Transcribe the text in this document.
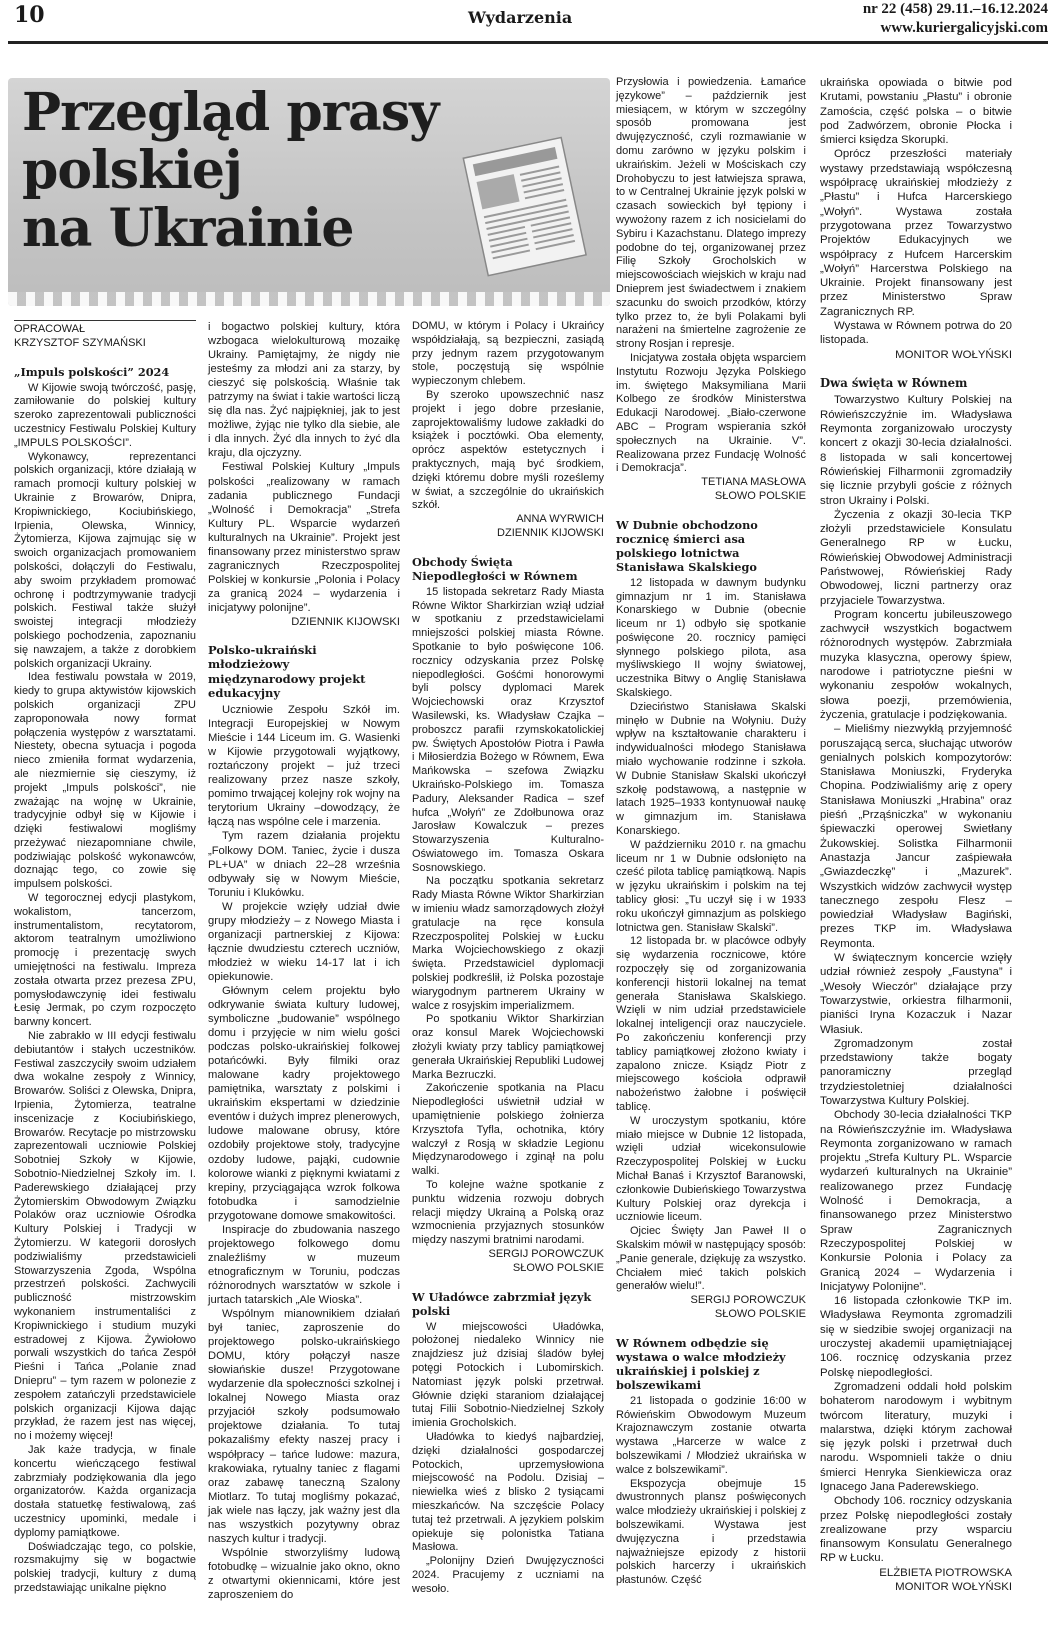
10	Wydarzenia	nr 22 (458) 29.11.–16.12.2024
www.kuriergalicyjski.com
Przegląd prasy
polskiej
na Ukrainie
OPRACOWAŁ
KRZYSZTOF SZYMAŃSKI
„Impuls polskości” 2024

W Kijowie swoją twórczość, pasję, zamiłowanie do polskiej kultury szeroko zaprezentowali publiczności uczestnicy Festiwalu Polskiej Kultury „IMPULS POLSKOŚCI”.

Wykonawcy, reprezentanci polskich organizacji, które działają w ramach promocji kultury polskiej w Ukrainie z Browarów, Dnipra, Kropiwnickiego, Kociubińskiego, Irpienia, Olewska, Winnicy, Żytomierza, Kijowa zajmując się w swoich organizacjach promowaniem polskości, dołączyli do Festiwalu, aby swoim przykładem promować ochronę i podtrzymywanie tradycji polskich. Festiwal także służył swoistej integracji młodzieży polskiego pochodzenia, zapoznaniu się nawzajem, a także z dorobkiem polskich organizacji Ukrainy.

Idea festiwalu powstała w 2019, kiedy to grupa aktywistów kijowskich polskich organizacji ZPU zaproponowała nowy format połączenia występów z warsztatami. Niestety, obecna sytuacja i pogoda nieco zmieniła format wydarzenia, ale niezmiernie się cieszymy, iż projekt „Impuls polskości”, nie zważając na wojnę w Ukrainie, tradycyjnie odbył się w Kijowie i dzięki festiwalowi mogliśmy przeżywać niezapomniane chwile, podziwiając polskość wykonawców, doznając tego, co zowie się impulsem polskości.

W tegorocznej edycji plastykom, wokalistom, tancerzom, instrumentalistom, recytatorom, aktorom teatralnym umożliwiono promocję i prezentację swych umiejętności na festiwalu. Impreza została otwarta przez prezesa ZPU, pomysłodawczynię idei festiwalu Łesię Jermak, po czym rozpoczęto barwny koncert.

Nie zabrakło w III edycji festiwalu debiutantów i stałych uczestników. Festiwal zaszczyciły swoim udziałem dwa wokalne zespoły z Winnicy, Browarów. Soliści z Olewska, Dnipra, Irpienia, Żytomierza, teatralne inscenizacje z Kociubińskiego, Browarów. Recytacje po mistrzowsku zaprezentowali uczniowie Polskiej Sobotniej Szkoły w Kijowie, Sobotnio-Niedzielnej Szkoły im. I. Paderewskiego działającej przy Żytomierskim Obwodowym Związku Polaków oraz uczniowie Ośrodka Kultury Polskiej i Tradycji w Żytomierzu. W kategorii dorosłych podziwialiśmy przedstawicieli Stowarzyszenia Zgoda, Wspólna przestrzeń polskości. Zachwycili publiczność mistrzowskim wykonaniem instrumentaliści z Kropiwnickiego i studium muzyki estradowej z Kijowa. Żywiołowo porwali wszystkich do tańca Zespół Pieśni i Tańca „Polanie znad Dniepru” – tym razem w polonezie z zespołem zatańczyli przedstawiciele polskich organizacji Kijowa dając przykład, że razem jest nas więcej, no i możemy więcej!

Jak każe tradycja, w finale koncertu wieńczącego festiwal zabrzmiały podziękowania dla jego organizatorów. Każda organizacja dostała statuetkę festiwalową, zaś uczestnicy upominki, medale i dyplomy pamiątkowe.

Doświadczając tego, co polskie, rozsmakujmy się w bogactwie polskiej tradycji, kultury z dumą przedstawiając unikalne piękno

i bogactwo polskiej kultury, która wzbogaca wielokulturową mozaikę Ukrainy. Pamiętajmy, że nigdy nie jesteśmy za młodzi ani za starzy, by cieszyć się polskością. Właśnie tak patrzymy na świat i takie wartości liczą się dla nas. Żyć najpiękniej, jak to jest możliwe, żyjąc nie tylko dla siebie, ale i dla innych. Żyć dla innych to żyć dla kraju, dla ojczyzny.

Festiwal Polskiej Kultury „Impuls polskości „realizowany w ramach zadania publicznego Fundacji „Wolność i Demokracja” „Strefa Kultury PL. Wsparcie wydarzeń kulturalnych na Ukrainie”. Projekt jest finansowany przez ministerstwo spraw zagranicznych Rzeczpospolitej Polskiej w konkursie „Polonia i Polacy za granicą 2024 – wydarzenia i inicjatywy polonijne”.

DZIENNIK KIJOWSKI
Polsko-ukraiński młodzieżowy międzynarodowy projekt edukacyjny

Uczniowie Zespołu Szkół im. Integracji Europejskiej w Nowym Mieście i 144 Liceum im. G. Wasienki w Kijowie przygotowali wyjątkowy, roztańczony projekt – już trzeci realizowany przez nasze szkoły, pomimo trwającej kolejny rok wojny na terytorium Ukrainy –dowodzący, że łączą nas wspólne cele i marzenia.

Tym razem działania projektu „Folkowy DOM. Taniec, życie i dusza PL+UA” w dniach 22–28 września odbywały się w Nowym Mieście, Toruniu i Klukówku.

W projekcie wzięły udział dwie grupy młodzieży – z Nowego Miasta i organizacji partnerskiej z Kijowa: łącznie dwudziestu czterech uczniów, młodzież w wieku 14-17 lat i ich opiekunowie.

Głównym celem projektu było odkrywanie świata kultury ludowej, symboliczne „budowanie” wspólnego domu i przyjęcie w nim wielu gości podczas polsko-ukraińskiej folkowej potańcówki. Były filmiki oraz malowane kadry projektowego pamiętnika, warsztaty z polskimi i ukraińskim ekspertami w dziedzinie eventów i dużych imprez plenerowych, ludowe malowane obrusy, które ozdobiły projektowe stoły, tradycyjne ozdoby ludowe, pająki, cudownie kolorowe wianki z pięknymi kwiatami z krepiny, przyciągająca wzrok folkowa fotobudka i samodzielnie przygotowane domowe smakowitości.

Inspiracje do zbudowania naszego projektowego folkowego domu znaleźliśmy w muzeum etnograficznym w Toruniu, podczas różnorodnych warsztatów w szkole i jurtach tatarskich „Ale Wioska”.

Wspólnym mianownikiem działań był taniec, zaproszenie do projektowego polsko-ukraińskiego DOMU, który połączył nasze słowiańskie dusze! Przygotowane wydarzenie dla społeczności szkolnej i lokalnej Nowego Miasta oraz przyjaciół szkoły podsumowało projektowe działania. To tutaj pokazaliśmy efekty naszej pracy i współpracy – tańce ludowe: mazura, krakowiaka, rytualny taniec z flagami oraz zabawę taneczną Szalony Miotlarz. To tutaj mogliśmy pokazać, jak wiele nas łączy, jak ważny jest dla nas wszystkich pozytywny obraz naszych kultur i tradycji.

Wspólnie stworzyliśmy ludową fotobudkę – wizualnie jako okno, okno z otwartymi okiennicami, które jest zaproszeniem do

DOMU, w którym i Polacy i Ukraińcy współdziałają, są bezpieczni, zasiądą przy jednym razem przygotowanym stole, poczęstują się wspólnie wypieczonym chlebem.

By szeroko upowszechnić nasz projekt i jego dobre przesłanie, zaprojektowaliśmy ludowe zakładki do książek i pocztówki. Oba elementy, oprócz aspektów estetycznych i praktycznych, mają być środkiem, dzięki któremu dobre myśli roześlemy w świat, a szczególnie do ukraińskich szkół.

ANNA WYRWICH
DZIENNIK KIJOWSKI
Obchody Święta Niepodległości w Równem

15 listopada sekretarz Rady Miasta Równe Wiktor Sharkirzian wziął udział w spotkaniu z przedstawicielami mniejszości polskiej miasta Równe. Spotkanie to było poświęcone 106. rocznicy odzyskania przez Polskę niepodległości. Gośćmi honorowymi byli polscy dyplomaci Marek Wojciechowski oraz Krzysztof Wasilewski, ks. Władysław Czajka – proboszcz parafii rzymskokatolickiej pw. Świętych Apostołów Piotra i Pawła i Miłosierdzia Bożego w Równem, Ewa Mańkowska – szefowa Związku Ukraińsko-Polskiego im. Tomasza Padury, Aleksander Radica – szef hufca „Wołyń” ze Zdołbunowa oraz Jarosław Kowalczuk – prezes Stowarzyszenia Kulturalno-Oświatowego im. Tomasza Oskara Sosnowskiego.

Na początku spotkania sekretarz Rady Miasta Równe Wiktor Sharkirzian w imieniu władz samorządowych złożył gratulacje na ręce konsula Rzeczpospolitej Polskiej w Łucku Marka Wojciechowskiego z okazji święta. Przedstawiciel dyplomacji polskiej podkreślił, iż Polska pozostaje wiarygodnym partnerem Ukrainy w walce z rosyjskim imperializmem.

Po spotkaniu Wiktor Sharkirzian oraz konsul Marek Wojciechowski złożyli kwiaty przy tablicy pamiątkowej generała Ukraińskiej Republiki Ludowej Marka Bezruczki.

Zakończenie spotkania na Placu Niepodległości uświetnił udział w upamiętnienie polskiego żołnierza Krzysztofa Tyfla, ochotnika, który walczył z Rosją w składzie Legionu Międzynarodowego i zginął na polu walki.

To kolejne ważne spotkanie z punktu widzenia rozwoju dobrych relacji między Ukrainą a Polską oraz wzmocnienia przyjaznych stosunków między naszymi bratnimi narodami.

SERGIJ POROWCZUK
SŁOWO POLSKIE
W Uładówce zabrzmiał język polski

W miejscowości Uładówka, położonej niedaleko Winnicy nie znajdziesz już dzisiaj śladów byłej potęgi Potockich i Lubomirskich. Natomiast język polski przetrwał. Głównie dzięki staraniom działającej tutaj Filii Sobotnio-Niedzielnej Szkoły imienia Grocholskich.

Uładówka to kiedyś najbardziej, dzięki działalności gospodarczej Potockich, uprzemysłowiona miejscowość na Podolu. Dzisiaj – niewielka wieś z blisko 2 tysiącami mieszkańców. Na szczęście Polacy tutaj też przetrwali. A językiem polskim opiekuje się polonistka Tatiana Masłowa.

„Polonijny Dzień Dwujęzyczności 2024. Pracujemy z uczniami na wesoło.

Przysłowia i powiedzenia. Łamańce językowe” – październik jest miesiącem, w którym w szczególny sposób promowana jest dwujęzyczność, czyli rozmawianie w domu zarówno w języku polskim i ukraińskim. Jeżeli w Mościskach czy Drohobyczu to jest łatwiejsza sprawa, to w Centralnej Ukrainie język polski w czasach sowieckich był tępiony i wywożony razem z ich nosicielami do Sybiru i Kazachstanu. Dlatego imprezy podobne do tej, organizowanej przez Filię Szkoły Grocholskich w miejscowościach wiejskich w kraju nad Dnieprem jest świadectwem i znakiem szacunku do swoich przodków, którzy tylko przez to, że byli Polakami byli narażeni na śmiertelne zagrożenie ze strony Rosjan i represje.

Inicjatywa została objęta wsparciem Instytutu Rozwoju Języka Polskiego im. świętego Maksymiliana Marii Kolbego ze środków Ministerstwa Edukacji Narodowej. „Biało-czerwone ABC – Program wspierania szkół społecznych na Ukrainie. V”. Realizowana przez Fundację Wolność i Demokracja”.

TETIANA MASŁOWA
SŁOWO POLSKIE
W Dubnie obchodzono rocznicę śmierci asa polskiego lotnictwa Stanisława Skalskiego

12 listopada w dawnym budynku gimnazjum nr 1 im. Stanisława Konarskiego w Dubnie (obecnie liceum nr 1) odbyło się spotkanie poświęcone 20. rocznicy pamięci słynnego polskiego pilota, asa myśliwskiego II wojny światowej, uczestnika Bitwy o Anglię Stanisława Skalskiego.

Dzieciństwo Stanisława Skalski minęło w Dubnie na Wołyniu. Duży wpływ na kształtowanie charakteru i indywidualności młodego Stanisława miało wychowanie rodzinne i szkoła. W Dubnie Stanisław Skalski ukończył szkołę podstawową, a następnie w latach 1925–1933 kontynuował naukę w gimnazjum im. Stanisława Konarskiego.

W październiku 2010 r. na gmachu liceum nr 1 w Dubnie odsłonięto na cześć pilota tablicę pamiątkową. Napis w języku ukraińskim i polskim na tej tablicy głosi: „Tu uczył się i w 1933 roku ukończył gimnazjum as polskiego lotnictwa gen. Stanisław Skalski”.

12 listopada br. w placówce odbyły się wydarzenia rocznicowe, które rozpoczęły się od zorganizowania konferencji historii lokalnej na temat generała Stanisława Skalskiego. Wzięli w nim udział przedstawiciele lokalnej inteligencji oraz nauczyciele. Po zakończeniu konferencji przy tablicy pamiątkowej złożono kwiaty i zapalono znicze. Ksiądz Piotr z miejscowego kościoła odprawił nabożeństwo żałobne i poświęcił tablicę.

W uroczystym spotkaniu, które miało miejsce w Dubnie 12 listopada, wzięli udział wicekonsulowie Rzeczypospolitej Polskiej w Łucku Michał Banaś i Krzysztof Baranowski, członkowie Dubieńskiego Towarzystwa Kultury Polskiej oraz dyrekcja i uczniowie liceum.

Ojciec Święty Jan Paweł II o Skalskim mówił w następujący sposób: „Panie generale, dziękuję za wszystko. Chciałem mieć takich polskich generałów wielu!”.

SERGIJ POROWCZUK
SŁOWO POLSKIE
W Równem odbędzie się wystawa o walce młodzieży ukraińskiej i polskiej z bolszewikami

21 listopada o godzinie 16:00 w Rówieńskim Obwodowym Muzeum Krajoznawczym zostanie otwarta wystawa „Harcerze w walce z bolszewikami / Młodzież ukraińska w walce z bolszewikami”.

Ekspozycja obejmuje 15 dwustronnych plansz poświęconych walce młodzieży ukraińskiej i polskiej z bolszewikami. Wystawa jest dwujęzyczna i przedstawia najważniejsze epizody z historii polskich harcerzy i ukraińskich płastunów. Część

ukraińska opowiada o bitwie pod Krutami, powstaniu „Płastu” i obronie Zamościa, część polska – o bitwie pod Zadwórzem, obronie Płocka i śmierci księdza Skorupki.

Oprócz przeszłości materiały wystawy przedstawiają współczesną współpracę ukraińskiej młodzieży z „Płastu” i Hufca Harcerskiego „Wołyń”. Wystawa została przygotowana przez Towarzystwo Projektów Edukacyjnych we współpracy z Hufcem Harcerskim „Wołyń” Harcerstwa Polskiego na Ukrainie. Projekt finansowany jest przez Ministerstwo Spraw Zagranicznych RP.

Wystawa w Równem potrwa do 20 listopada.

MONITOR WOŁYŃSKI
Dwa święta w Równem

Towarzystwo Kultury Polskiej na Rówieńszczyźnie im. Władysława Reymonta zorganizowało uroczysty koncert z okazji 30-lecia działalności. 8 listopada w sali koncertowej Rówieńskiej Filharmonii zgromadziły się licznie przybyli goście z różnych stron Ukrainy i Polski.

Życzenia z okazji 30-lecia TKP złożyli przedstawiciele Konsulatu Generalnego RP w Łucku, Rówieńskiej Obwodowej Administracji Państwowej, Rówieńskiej Rady Obwodowej, liczni partnerzy oraz przyjaciele Towarzystwa.

Program koncertu jubileuszowego zachwycił wszystkich bogactwem różnorodnych występów. Zabrzmiała muzyka klasyczna, operowy śpiew, narodowe i patriotyczne pieśni w wykonaniu zespołów wokalnych, słowa poezji, przemówienia, życzenia, gratulacje i podziękowania.

– Mieliśmy niezwykłą przyjemność poruszającą serca, słuchając utworów genialnych polskich kompozytorów: Stanisława Moniuszki, Fryderyka Chopina. Podziwialiśmy arię z opery Stanisława Moniuszki „Hrabina” oraz pieśń „Prząśniczka” w wykonaniu śpiewaczki operowej Swietłany Żukowskiej. Solistka Filharmonii Anastazja Jancur zaśpiewała „Gwiazdeczkę” i „Mazurek”. Wszystkich widzów zachwycił występ tanecznego zespołu Flesz – powiedział Władysław Bagiński, prezes TKP im. Władysława Reymonta.

W świątecznym koncercie wzięły udział również zespoły „Faustyna” i „Wesoły Wieczór” działające przy Towarzystwie, orkiestra filharmonii, pianiści Iryna Kozaczuk i Nazar Własiuk.

Zgromadzonym został przedstawiony także bogaty panoramiczny przegląd trzydziestoletniej działalności Towarzystwa Kultury Polskiej.

Obchody 30-lecia działalności TKP na Rówieńszczyźnie im. Władysława Reymonta zorganizowano w ramach projektu „Strefa Kultury PL. Wsparcie wydarzeń kulturalnych na Ukrainie” realizowanego przez Fundację Wolność i Demokracja, a finansowanego przez Ministerstwo Spraw Zagranicznych Rzeczypospolitej Polskiej w Konkursie Polonia i Polacy za Granicą 2024 – Wydarzenia i Inicjatywy Polonijne”.

16 listopada członkowie TKP im. Władysława Reymonta zgromadzili się w siedzibie swojej organizacji na uroczystej akademii upamiętniającej 106. rocznicę odzyskania przez Polskę niepodległości.

Zgromadzeni oddali hołd polskim bohaterom narodowym i wybitnym twórcom literatury, muzyki i malarstwa, dzięki którym zachował się język polski i przetrwał duch narodu. Wspomnieli także o dniu śmierci Henryka Sienkiewicza oraz Ignacego Jana Paderewskiego.

Obchody 106. rocznicy odzyskania przez Polskę niepodległości zostały zrealizowane przy wsparciu finansowym Konsulatu Generalnego RP w Łucku.

ELŻBIETA PIOTROWSKA
MONITOR WOŁYŃSKI
